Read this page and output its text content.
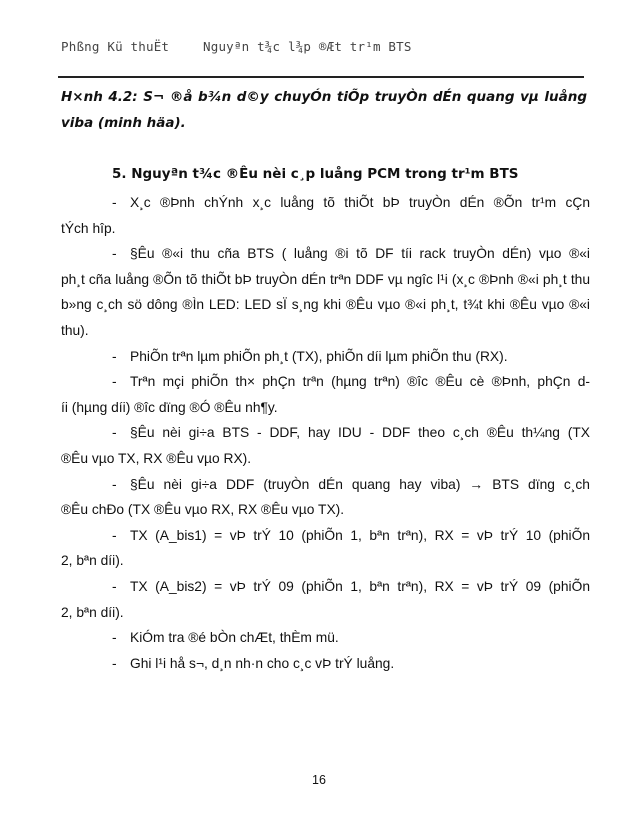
Phßng Kü thuËt	Nguyªn t¾c l¾p ®Æt tr¹m BTS
H×nh 4.2: S¬ ®å b¾n d©y chuyÓn tiÕp truyÒn dÉn quang vµ luång viba (minh häa).
5. Nguyªn t¾c ®Êu nèi c¸p luång PCM trong tr¹m BTS
- X¸c ®Þnh chÝnh x¸c luång tõ thiÕt bÞ truyÒn dÉn ®Õn tr¹m cÇn
tÝch hîp.
- §Êu ®«i thu cña BTS ( luång ®i tõ DF tíi rack truyÒn dÉn) vµo ®«i
ph¸t cña luång ®Õn tõ thiÕt bÞ truyÒn dÉn trªn DDF vµ ngîc l¹i (x¸c ®Þnh ®«i ph¸t thu b»ng c¸ch sö dông ®Ìn LED: LED sÏ s¸ng khi ®Êu vµo ®«i ph¸t, t¾t khi ®Êu vµo ®«i thu).
- PhiÕn trªn lµm phiÕn ph¸t (TX), phiÕn díi lµm phiÕn thu (RX).
- Trªn mçi phiÕn th× phÇn trªn (hµng trªn) ®îc ®Êu cè ®Þnh, phÇn d-
íi (hµng díi) ®îc dïng ®Ó ®Êu nh¶y.
- §Êu nèi gi÷a BTS - DDF, hay IDU - DDF theo c¸ch ®Êu th¼ng (TX
®Êu vµo TX, RX ®Êu vµo RX).
- §Êu nèi gi÷a DDF (truyÒn dÉn quang hay viba) → BTS dïng c¸ch
®Êu chÐo (TX ®Êu vµo RX, RX ®Êu vµo TX).
- TX (A_bis1) = vÞ trÝ 10 (phiÕn 1, bªn trªn), RX = vÞ trÝ 10 (phiÕn
2, bªn díi).
- TX (A_bis2) = vÞ trÝ 09 (phiÕn 1, bªn trªn), RX = vÞ trÝ 09 (phiÕn
2, bªn díi).
- KiÓm tra ®é bÒn chÆt, thÈm mü.
- Ghi l¹i hå s¬, d¸n nh·n cho c¸c vÞ trÝ luång.
16
